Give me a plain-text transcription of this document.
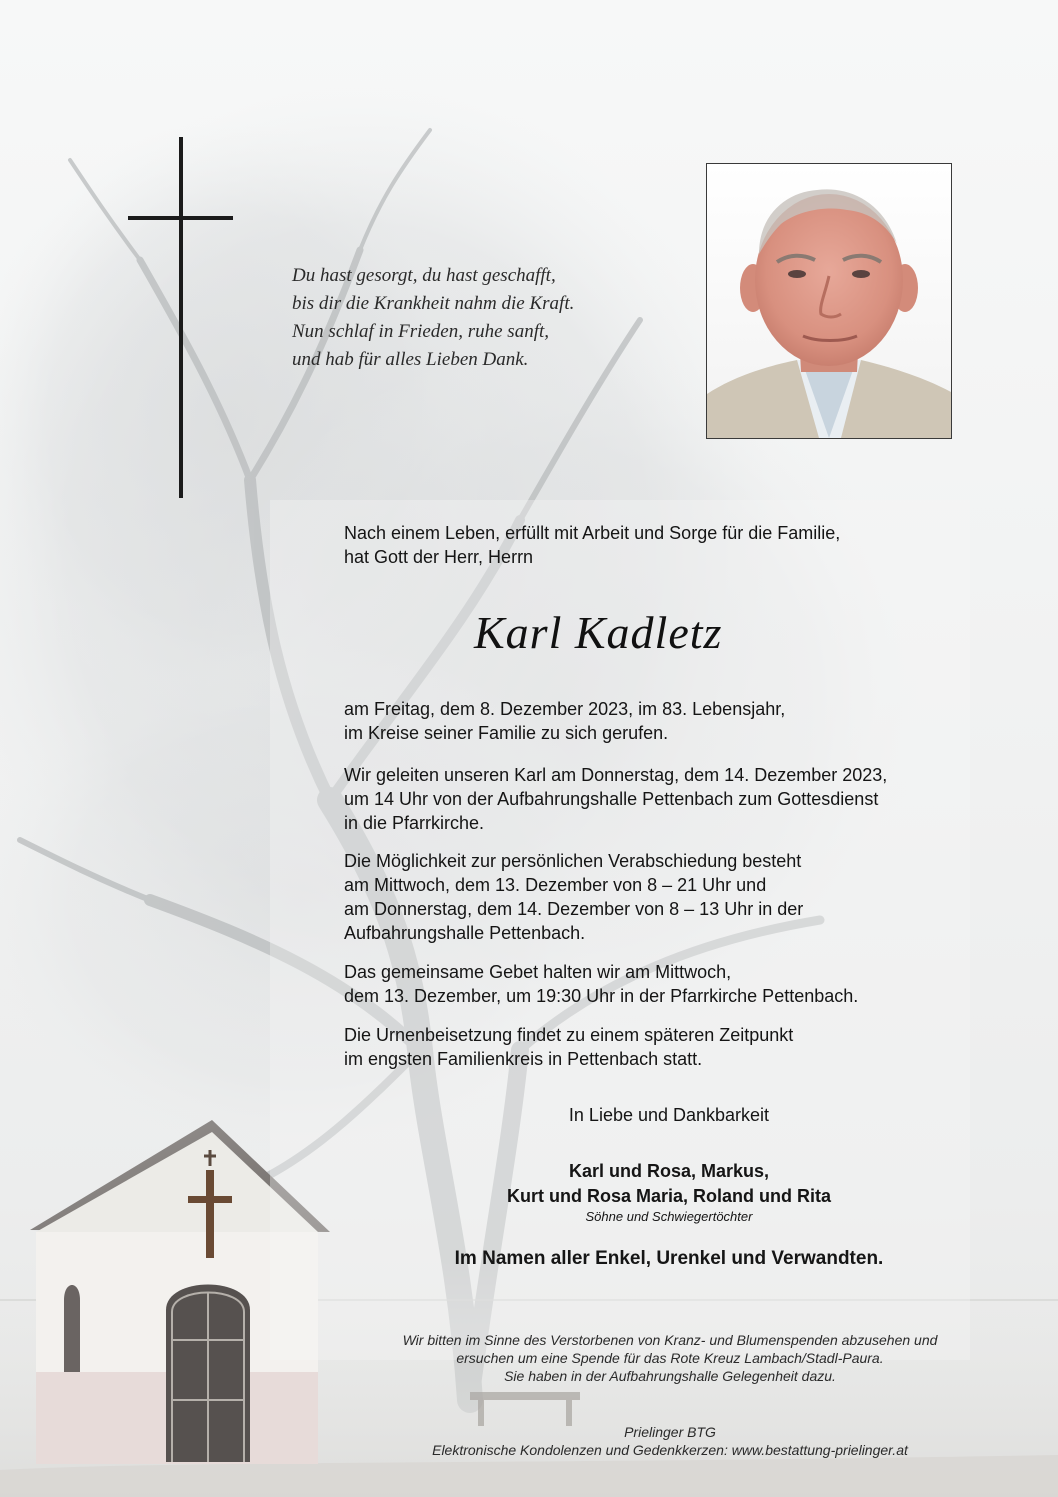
Du hast gesorgt, du hast geschafft,
bis dir die Krankheit nahm die Kraft.
Nun schlaf in Frieden, ruhe sanft,
und hab für alles Lieben Dank.
Nach einem Leben, erfüllt mit Arbeit und Sorge für die Familie,
hat Gott der Herr, Herrn
Karl Kadletz
am Freitag, dem 8. Dezember 2023, im 83. Lebensjahr,
im Kreise seiner Familie zu sich gerufen.
Wir geleiten unseren Karl am Donnerstag, dem 14. Dezember 2023,
um 14 Uhr von der Aufbahrungshalle Pettenbach zum Gottesdienst
in die Pfarrkirche.
Die Möglichkeit zur persönlichen Verabschiedung besteht
am Mittwoch, dem 13. Dezember von 8 – 21 Uhr und
am Donnerstag, dem 14. Dezember von 8 – 13 Uhr in der
Aufbahrungshalle Pettenbach.
Das gemeinsame Gebet halten wir am Mittwoch,
dem 13. Dezember, um 19:30 Uhr in der Pfarrkirche Pettenbach.
Die Urnenbeisetzung findet zu einem späteren Zeitpunkt
im engsten Familienkreis in Pettenbach statt.
In Liebe und Dankbarkeit
Karl und Rosa, Markus,
Kurt und Rosa Maria, Roland und Rita
Söhne und Schwiegertöchter
Im Namen aller Enkel, Urenkel und Verwandten.
Wir bitten im Sinne des Verstorbenen von Kranz- und Blumenspenden abzusehen und
ersuchen um eine Spende für das Rote Kreuz Lambach/Stadl-Paura.
Sie haben in der Aufbahrungshalle Gelegenheit dazu.
Prielinger BTG
Elektronische Kondolenzen und Gedenkkerzen: www.bestattung-prielinger.at
